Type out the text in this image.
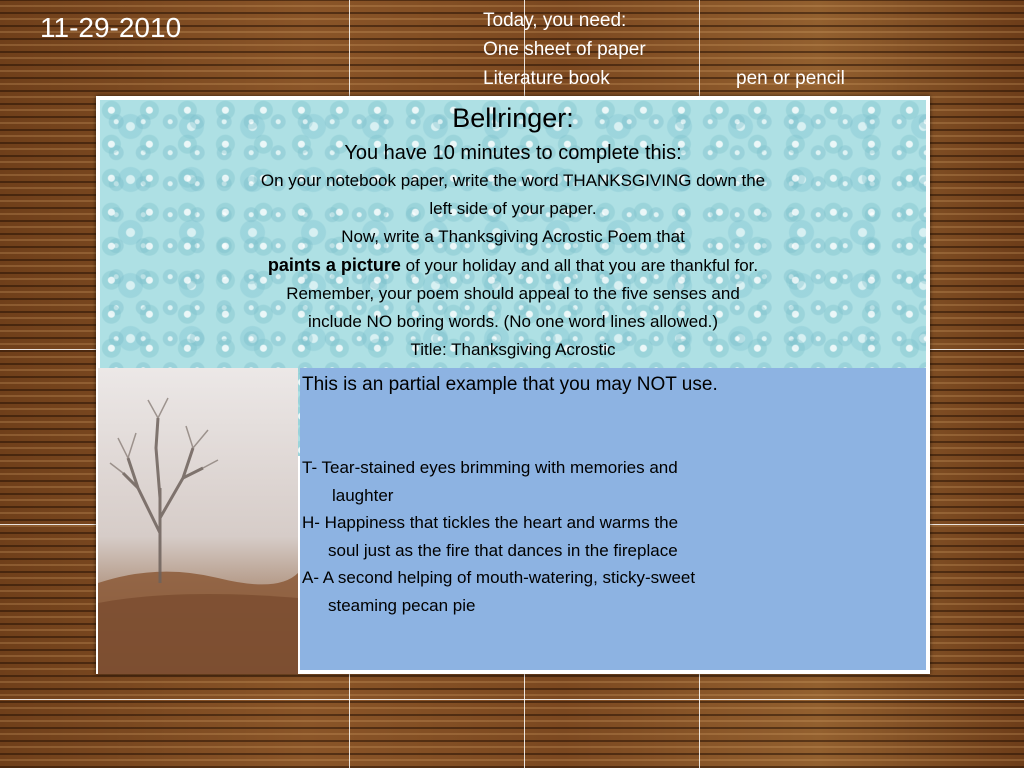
11-29-2010	Today, you need:
One sheet of paper
Literature book	pen or pencil
Bellringer:
You have 10 minutes to complete this:
On your notebook paper, write the word THANKSGIVING down the
left side of your paper.
Now, write a Thanksgiving Acrostic Poem that
paints a picture of your holiday and all that you are thankful for.
Remember, your poem should appeal to the five senses and
include NO boring words. (No one word lines allowed.)
Title: Thanksgiving Acrostic
This is an partial example that you may NOT use.
T- Tear-stained eyes brimming with memories and
laughter
H- Happiness that tickles the heart and warms the
soul just as the fire that dances in the fireplace
A- A second helping of mouth-watering, sticky-sweet
steaming pecan pie
